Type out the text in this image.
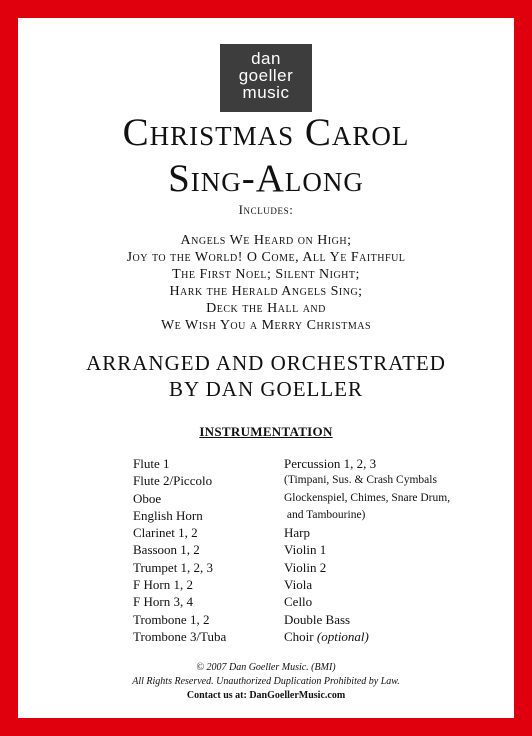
dan
goeller
music
Christmas Carol
Sing-Along
Includes:
Angels We Heard on High;
Joy to the World! O Come, All Ye Faithful
The First Noel; Silent Night;
Hark the Herald Angels Sing;
Deck the Hall and
We Wish You a Merry Christmas
ARRANGED AND ORCHESTRATED
BY DAN GOELLER
INSTRUMENTATION
Flute 1
Flute 2/Piccolo
Oboe
English Horn
Clarinet 1, 2
Bassoon 1, 2
Trumpet 1, 2, 3
F Horn 1, 2
F Horn 3, 4
Trombone 1, 2
Trombone 3/Tuba
Percussion 1, 2, 3
(Timpani, Sus. & Crash Cymbals
Glockenspiel, Chimes, Snare Drum,
and Tambourine)
Harp
Violin 1
Violin 2
Viola
Cello
Double Bass
Choir (optional)
© 2007 Dan Goeller Music. (BMI)
All Rights Reserved. Unauthorized Duplication Prohibited by Law.
Contact us at: DanGoellerMusic.com
